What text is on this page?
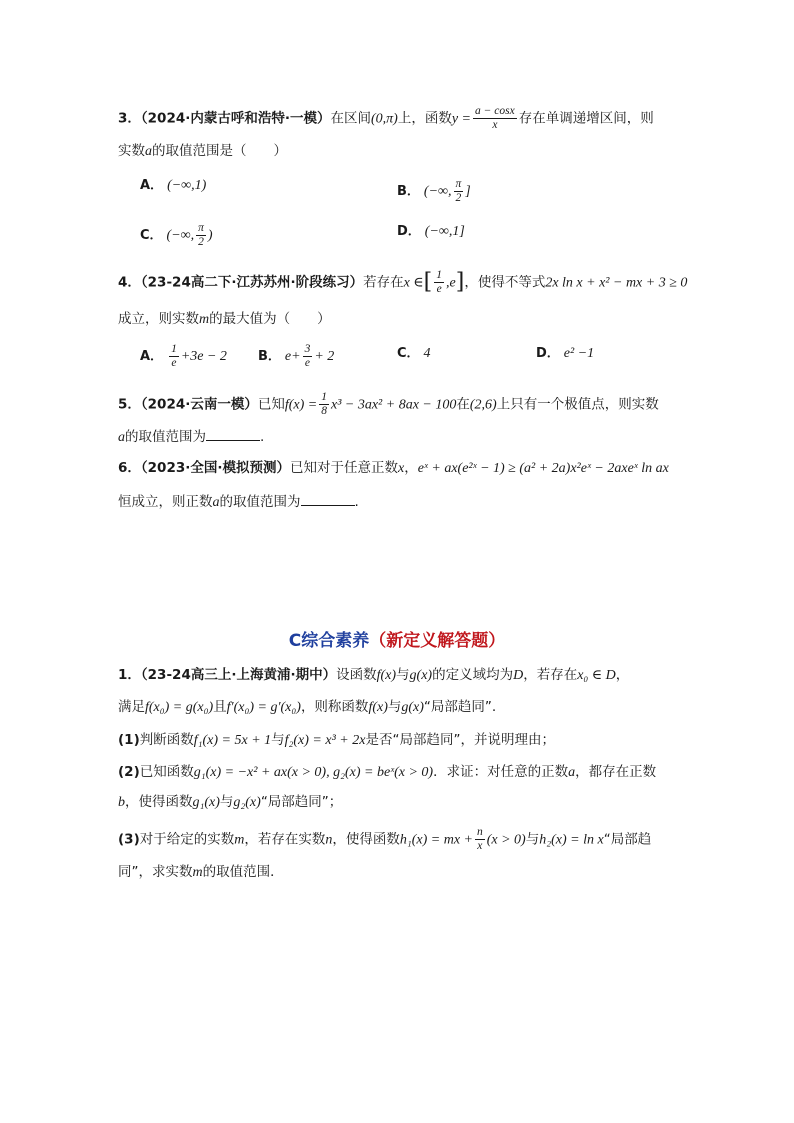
3．（2024·内蒙古呼和浩特·一模）在区间(0,π)上，函数$y = \frac{a - \cos x}{x}$ 存在单调递增区间，则
实数a的取值范围是（　　）
A． (−∞,1)	B． (−∞, $\frac{\pi}{2}$ ]
C． (−∞, $\frac{\pi}{2}$ )	D． (−∞,1]
4．（23-24高二下·江苏苏州·阶段练习）若存在x ∈[ $\frac{1}{e} ,e$]，使得不等式2x ln x + x² − mx + 3 ≥ 0
成立，则实数m的最大值为（　　）
A． $\frac{1}{e} +3e - 2$ B． $e+ \frac{3}{e} + 2$	C． 4	D． e² −1
5．（2024·云南一模）已知$f(x) = \frac{1}{8} x^3 - 3ax^2 + 8ax - 100$在(2,6)上只有一个极值点，则实数
a的取值范围为	.
6．（2023·全国·模拟预测）已知对于任意正数x，eˣ + ax(e²ˣ − 1) ≥ (a² + 2a)x²eˣ − 2axeˣ ln ax
恒成立，则正数a的取值范围为	.
C综合素养（新定义解答题）
1．（23-24高三上·上海黄浦·期中）设函数f(x)与g(x)的定义域均为D，若存在x₀ ∈ D，
满足f(x₀) = g(x₀)且f′(x₀) = g′(x₀)，则称函数f(x)与g(x)“局部趋同”.
(1)判断函数f₁(x) = 5x + 1与f₂(x) = x³ + 2x是否“局部趋同”，并说明理由；
(2)已知函数g₁(x) = −x² + ax(x > 0), g₂(x) = beˣ(x > 0)．求证：对任意的正数a，都存在正数
b，使得函数g₁(x)与g₂(x)“局部趋同”；
(3)对于给定的实数m，若存在实数n，使得函数h₁(x) = mx + $\frac{n}{x} (x > 0)$与h₂(x) = ln x“局部趋
同”，求实数m的取值范围．
